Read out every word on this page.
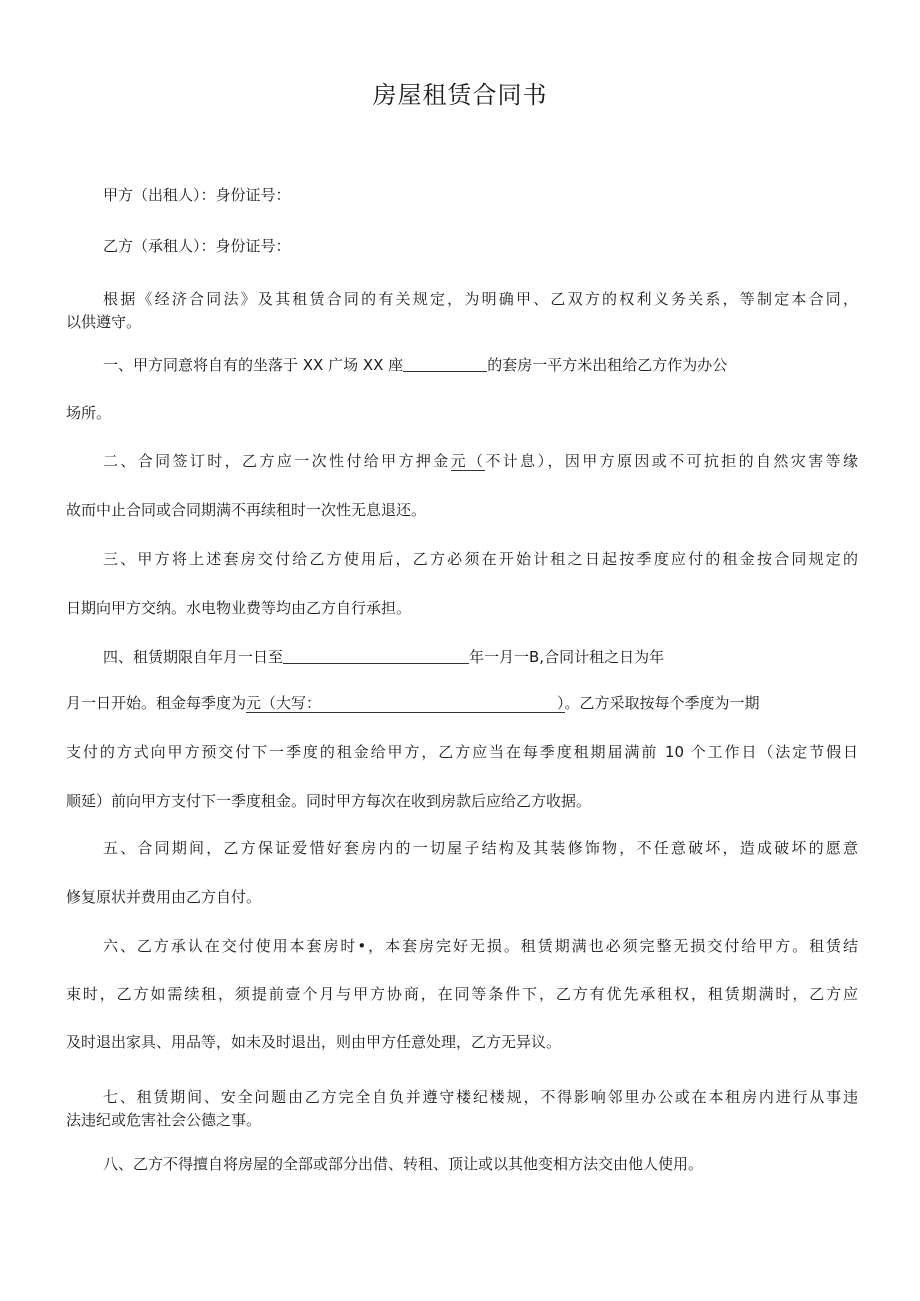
房屋租赁合同书

甲方（出租人）：身份证号：

乙方（承租人）：身份证号：

根据《经济合同法》及其租赁合同的有关规定，为明确甲、乙双方的权利义务关系，等制定本合同，

以供遵守。

一、甲方同意将自有的坐落于 XX 广场 XX 座	的套房一平方米出租给乙方作为办公

场所。

二、合同签订时，乙方应一次性付给甲方押金元（不计息），因甲方原因或不可抗拒的自然灾害等缘

故而中止合同或合同期满不再续租时一次性无息退还。

三、甲方将上述套房交付给乙方使用后，乙方必须在开始计租之日起按季度应付的租金按合同规定的

日期向甲方交纳。水电物业费等均由乙方自行承担。

四、租赁期限自年月一日至	年一月一B,合同计租之日为年

月一日开始。租金每季度为元（大写：	）。乙方采取按每个季度为一期

支付的方式向甲方预交付下一季度的租金给甲方，乙方应当在每季度租期届满前 10 个工作日（法定节假日

顺延）前向甲方支付下一季度租金。同时甲方每次在收到房款后应给乙方收据。

五、合同期间，乙方保证爱惜好套房内的一切屋子结构及其装修饰物，不任意破坏，造成破坏的愿意

修复原状并费用由乙方自付。

六、乙方承认在交付使用本套房时•，本套房完好无损。租赁期满也必须完整无损交付给甲方。租赁结

束时，乙方如需续租，须提前壹个月与甲方协商，在同等条件下，乙方有优先承租权，租赁期满时，乙方应

及时退出家具、用品等，如未及时退出，则由甲方任意处理，乙方无异议。

七、租赁期间、安全问题由乙方完全自负并遵守楼纪楼规，不得影响邻里办公或在本租房内进行从事违

法违纪或危害社会公德之事。

八、乙方不得擅自将房屋的全部或部分出借、转租、顶让或以其他变相方法交由他人使用。
